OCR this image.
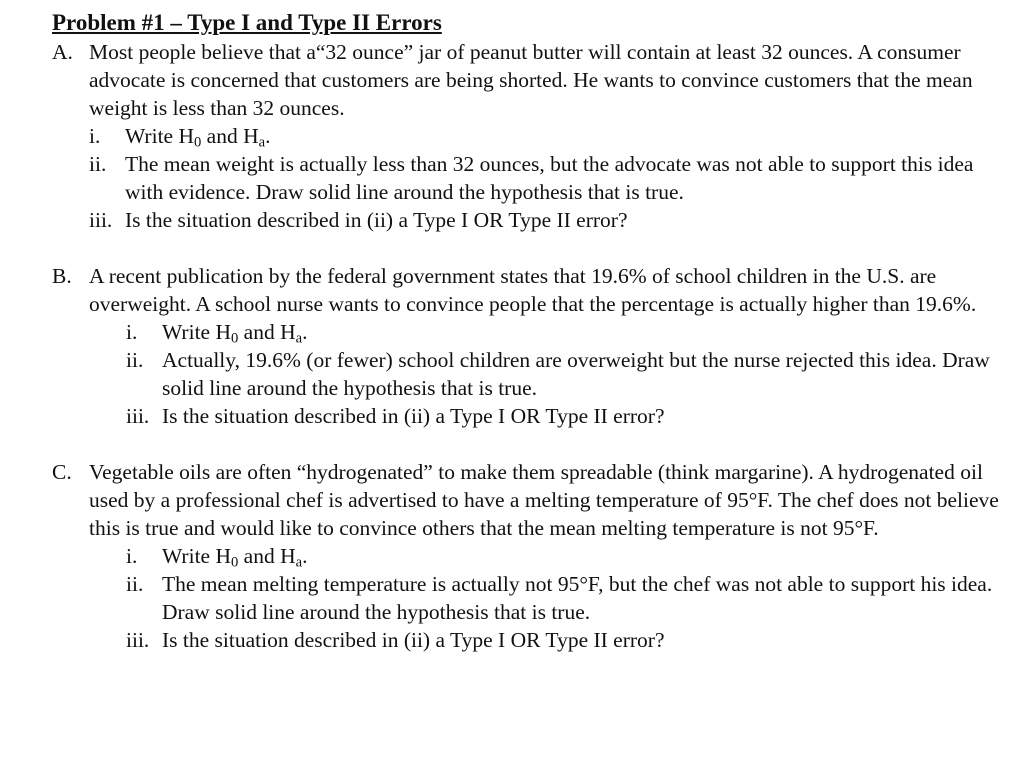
Problem #1 – Type I and Type II Errors
A. Most people believe that a“32 ounce” jar of peanut butter will contain at least 32 ounces. A consumer advocate is concerned that customers are being shorted. He wants to convince customers that the mean weight is less than 32 ounces.

i. Write $H_0$ and $H_a$.
ii. The mean weight is actually less than 32 ounces, but the advocate was not able to support this idea with evidence. Draw solid line around the hypothesis that is true.
iii. Is the situation described in (ii) a Type I OR Type II error?
B. A recent publication by the federal government states that 19.6% of school children in the U.S. are overweight. A school nurse wants to convince people that the percentage is actually higher than 19.6%.

i. Write $H_0$ and $H_a$.
ii. Actually, 19.6% (or fewer) school children are overweight but the nurse rejected this idea. Draw solid line around the hypothesis that is true.
iii. Is the situation described in (ii) a Type I OR Type II error?
C. Vegetable oils are often “hydrogenated” to make them spreadable (think margarine). A hydrogenated oil used by a professional chef is advertised to have a melting temperature of 95°F. The chef does not believe this is true and would like to convince others that the mean melting temperature is not 95°F.

i. Write $H_0$ and $H_a$.
ii. The mean melting temperature is actually not 95°F, but the chef was not able to support his idea. Draw solid line around the hypothesis that is true.
iii. Is the situation described in (ii) a Type I OR Type II error?
